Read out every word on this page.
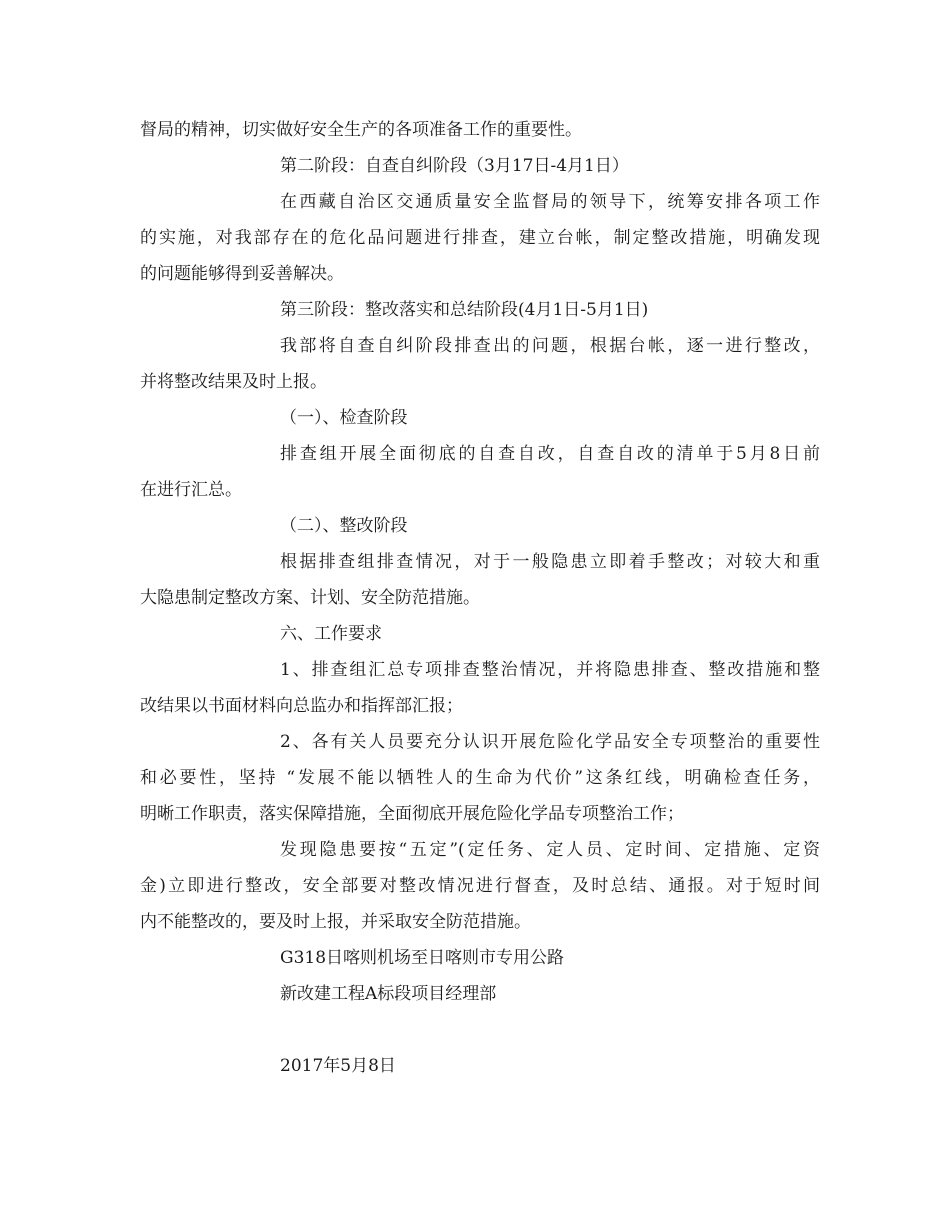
督局的精神，切实做好安全生产的各项准备工作的重要性。
第二阶段：自查自纠阶段（3月17日-4月1日）
在西藏自治区交通质量安全监督局的领导下，统筹安排各项工作
的实施，对我部存在的危化品问题进行排查，建立台帐，制定整改措施，明确发现
的问题能够得到妥善解决。
第三阶段：整改落实和总结阶段(4月1日-5月1日)
我部将自查自纠阶段排查出的问题，根据台帐，逐一进行整改，
并将整改结果及时上报。
（一）、检查阶段
排查组开展全面彻底的自查自改，自查自改的清单于5月8日前
在进行汇总。
（二）、整改阶段
根据排查组排查情况，对于一般隐患立即着手整改；对较大和重
大隐患制定整改方案、计划、安全防范措施。
六、工作要求
1、排查组汇总专项排查整治情况，并将隐患排查、整改措施和整
改结果以书面材料向总监办和指挥部汇报；
2、各有关人员要充分认识开展危险化学品安全专项整治的重要性
和必要性，坚持 “发展不能以牺牲人的生命为代价”这条红线，明确检查任务，
明晰工作职责，落实保障措施，全面彻底开展危险化学品专项整治工作；
发现隐患要按“五定”(定任务、定人员、定时间、定措施、定资
金)立即进行整改，安全部要对整改情况进行督查，及时总结、通报。对于短时间
内不能整改的，要及时上报，并采取安全防范措施。
G318日喀则机场至日喀则市专用公路
新改建工程A标段项目经理部
2017年5月8日
